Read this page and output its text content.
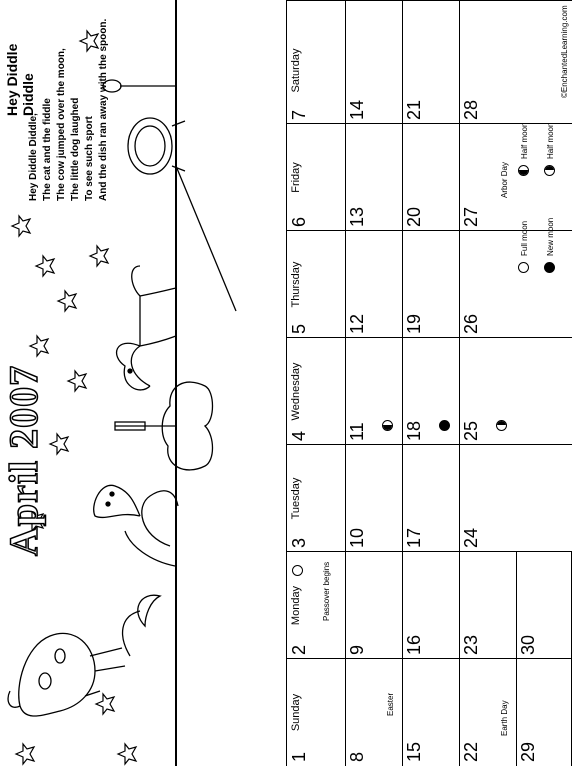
April 2007
Hey Diddle Diddle
Hey Diddle Diddle, The cat and the fiddle The cow jumped over the moon, The little dog laughed To see such sport And the dish ran away with the spoon.	©EnchantedLearning.com
Sunday
Monday
Tuesday
Wednesday
Thursday
Friday
Saturday
1
2
3
4
5
6
7
8
9
10
11
12
13
14
15
16
17
18
19
20
21
22
23
24
25
26
27
28
29
30
Passover begins
Easter	Earth Day
Arbor Day
Full moon New moon
Half moon Half moon
